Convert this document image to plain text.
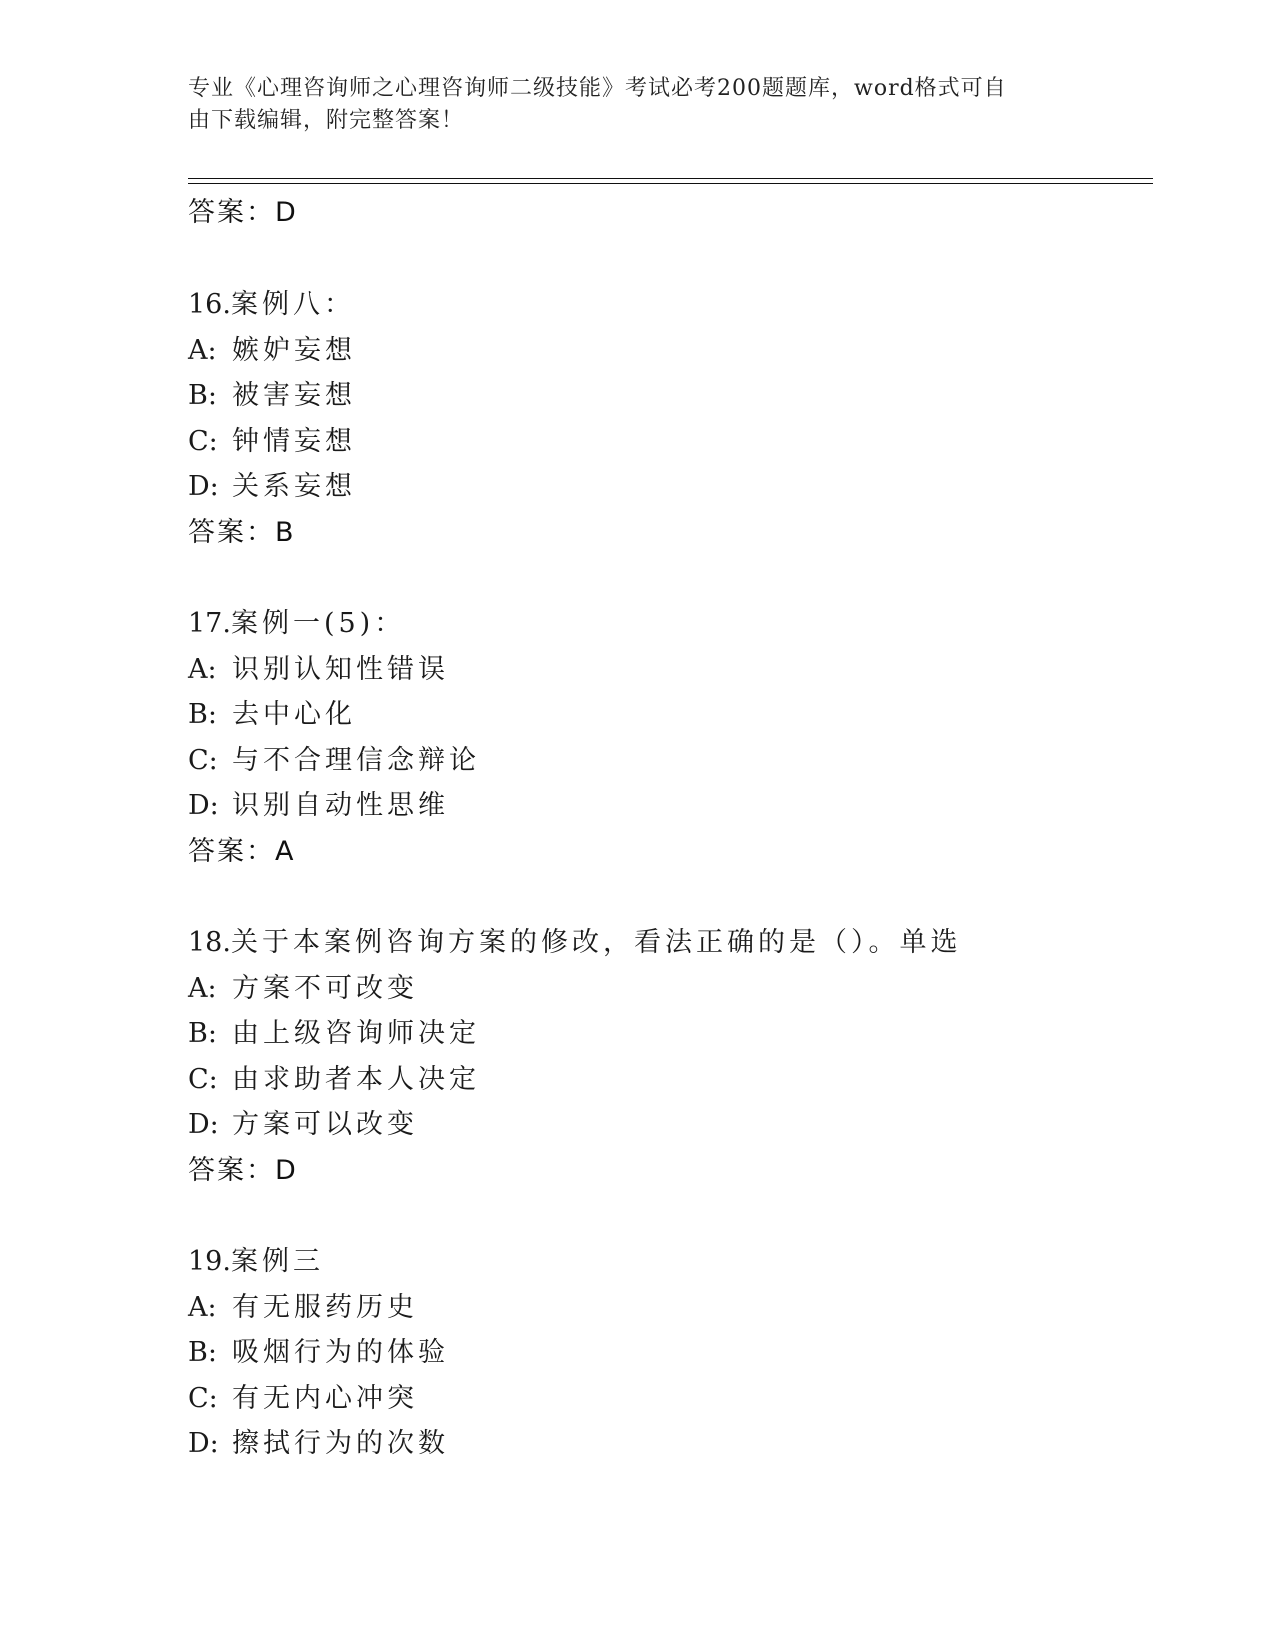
专业《心理咨询师之心理咨询师二级技能》考试必考200题题库，word格式可自
由下载编辑，附完整答案！
答案：D
16.案例八：
A: 嫉妒妄想
B: 被害妄想
C: 钟情妄想
D: 关系妄想
答案：B
17.案例一(5)：
A: 识别认知性错误
B: 去中心化
C: 与不合理信念辩论
D: 识别自动性思维
答案：A
18.关于本案例咨询方案的修改，看法正确的是（）。单选
A: 方案不可改变
B: 由上级咨询师决定
C: 由求助者本人决定
D: 方案可以改变
答案：D
19.案例三
A: 有无服药历史
B: 吸烟行为的体验
C: 有无内心冲突
D: 擦拭行为的次数
